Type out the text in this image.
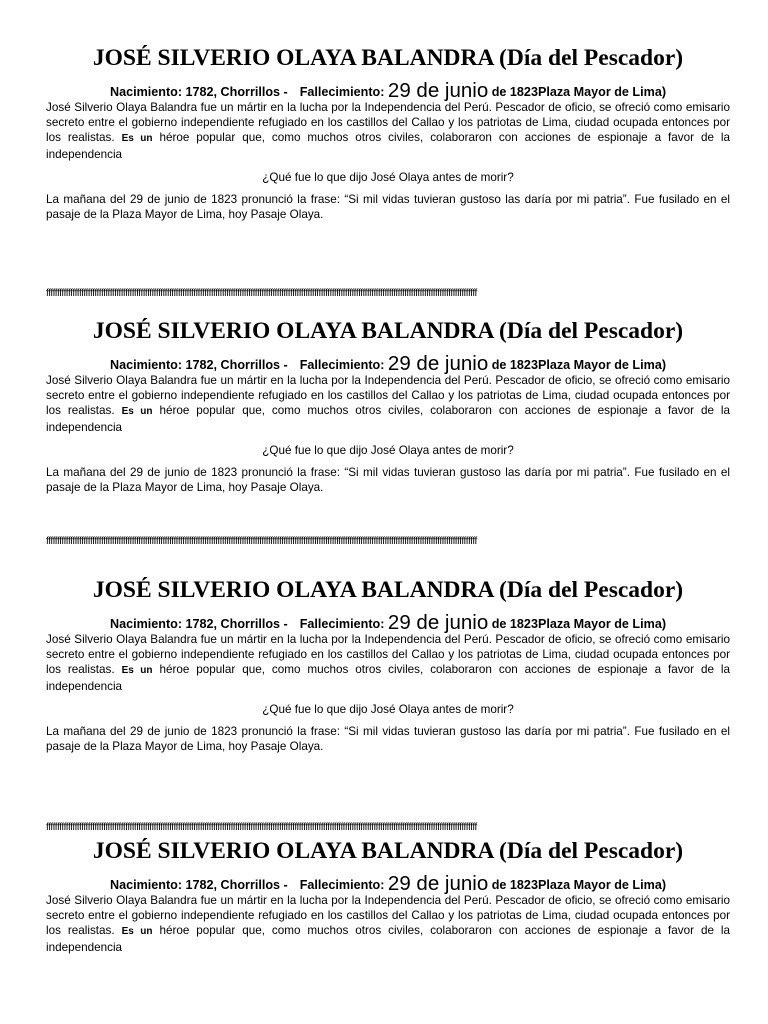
JOSÉ SILVERIO OLAYA BALANDRA (Día del Pescador)

Nacimiento: 1782, Chorrillos - Fallecimiento: 29 de junio de 1823Plaza Mayor de Lima)

José Silverio Olaya Balandra fue un mártir en la lucha por la Independencia del Perú. Pescador de oficio, se ofreció como emisario secreto entre el gobierno independiente refugiado en los castillos del Callao y los patriotas de Lima, ciudad ocupada entonces por los realistas. Es un héroe popular que, como muchos otros civiles, colaboraron con acciones de espionaje a favor de la independencia

¿Qué fue lo que dijo José Olaya antes de morir?

La mañana del 29 de junio de 1823 pronunció la frase: “Si mil vidas tuvieran gustoso las daría por mi patria”. Fue fusilado en el pasaje de la Plaza Mayor de Lima, hoy Pasaje Olaya.

ffffffffffffffffffffffffffffffffffffffffffffffffffffffffffffffffffffffffffffffffffffffffffffffffffffffffffffffffffffffffffffffffffffffffffffffffffffffffffffffffffffffffffffffffffffffffffffffffffff
JOSÉ SILVERIO OLAYA BALANDRA (Día del Pescador)

Nacimiento: 1782, Chorrillos - Fallecimiento: 29 de junio de 1823Plaza Mayor de Lima)

José Silverio Olaya Balandra fue un mártir en la lucha por la Independencia del Perú. Pescador de oficio, se ofreció como emisario secreto entre el gobierno independiente refugiado en los castillos del Callao y los patriotas de Lima, ciudad ocupada entonces por los realistas. Es un héroe popular que, como muchos otros civiles, colaboraron con acciones de espionaje a favor de la independencia

¿Qué fue lo que dijo José Olaya antes de morir?

La mañana del 29 de junio de 1823 pronunció la frase: “Si mil vidas tuvieran gustoso las daría por mi patria”. Fue fusilado en el pasaje de la Plaza Mayor de Lima, hoy Pasaje Olaya.

ffffffffffffffffffffffffffffffffffffffffffffffffffffffffffffffffffffffffffffffffffffffffffffffffffffffffffffffffffffffffffffffffffffffffffffffffffffffffffffffffffffffffffffffffffffffffffffffffffff
JOSÉ SILVERIO OLAYA BALANDRA (Día del Pescador)

Nacimiento: 1782, Chorrillos - Fallecimiento: 29 de junio de 1823Plaza Mayor de Lima)

José Silverio Olaya Balandra fue un mártir en la lucha por la Independencia del Perú. Pescador de oficio, se ofreció como emisario secreto entre el gobierno independiente refugiado en los castillos del Callao y los patriotas de Lima, ciudad ocupada entonces por los realistas. Es un héroe popular que, como muchos otros civiles, colaboraron con acciones de espionaje a favor de la independencia

¿Qué fue lo que dijo José Olaya antes de morir?

La mañana del 29 de junio de 1823 pronunció la frase: “Si mil vidas tuvieran gustoso las daría por mi patria”. Fue fusilado en el pasaje de la Plaza Mayor de Lima, hoy Pasaje Olaya.

ffffffffffffffffffffffffffffffffffffffffffffffffffffffffffffffffffffffffffffffffffffffffffffffffffffffffffffffffffffffffffffffffffffffffffffffffffffffffffffffffffffffffffffffffffffffffffffffffffff
JOSÉ SILVERIO OLAYA BALANDRA (Día del Pescador)

Nacimiento: 1782, Chorrillos - Fallecimiento: 29 de junio de 1823Plaza Mayor de Lima)

José Silverio Olaya Balandra fue un mártir en la lucha por la Independencia del Perú. Pescador de oficio, se ofreció como emisario secreto entre el gobierno independiente refugiado en los castillos del Callao y los patriotas de Lima, ciudad ocupada entonces por los realistas. Es un héroe popular que, como muchos otros civiles, colaboraron con acciones de espionaje a favor de la independencia
